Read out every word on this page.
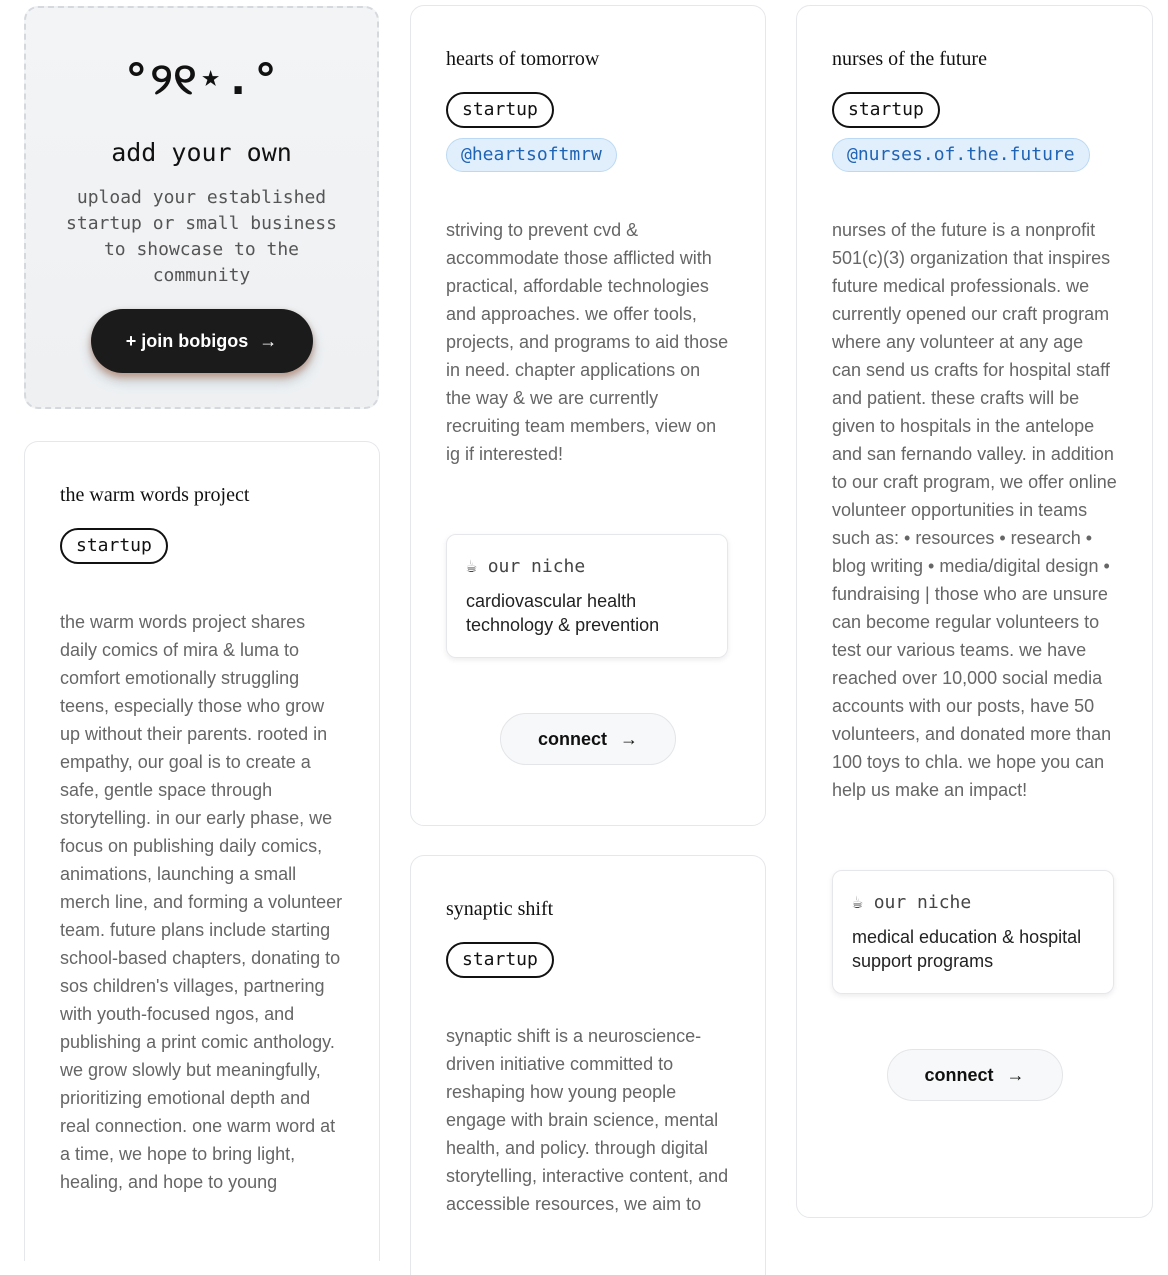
°୨୧⋆.°
add your own
upload your established startup or small business to showcase to the community
+ join bobigos →
hearts of tomorrow
startup
@heartsoftmrw
striving to prevent cvd & accommodate those afflicted with practical, affordable technologies and approaches. we offer tools, projects, and programs to aid those in need. chapter applications on the way & we are currently recruiting team members, view on ig if interested!
☕ our niche
cardiovascular health technology & prevention
connect →
nurses of the future
startup
@nurses.of.the.future
nurses of the future is a nonprofit 501(c)(3) organization that inspires future medical professionals. we currently opened our craft program where any volunteer at any age can send us crafts for hospital staff and patient. these crafts will be given to hospitals in the antelope and san fernando valley. in addition to our craft program, we offer online volunteer opportunities in teams such as: • resources • research • blog writing • media/digital design • fundraising | those who are unsure can become regular volunteers to test our various teams. we have reached over 10,000 social media accounts with our posts, have 50 volunteers, and donated more than 100 toys to chla. we hope you can help us make an impact!
☕ our niche
medical education & hospital support programs
connect →
the warm words project
startup
the warm words project shares daily comics of mira & luma to comfort emotionally struggling teens, especially those who grow up without their parents. rooted in empathy, our goal is to create a safe, gentle space through storytelling. in our early phase, we focus on publishing daily comics, animations, launching a small merch line, and forming a volunteer team. future plans include starting school-based chapters, donating to sos children's villages, partnering with youth-focused ngos, and publishing a print comic anthology. we grow slowly but meaningfully, prioritizing emotional depth and real connection. one warm word at a time, we hope to bring light, healing, and hope to young
synaptic shift
startup
synaptic shift is a neuroscience-driven initiative committed to reshaping how young people engage with brain science, mental health, and policy. through digital storytelling, interactive content, and accessible resources, we aim to
